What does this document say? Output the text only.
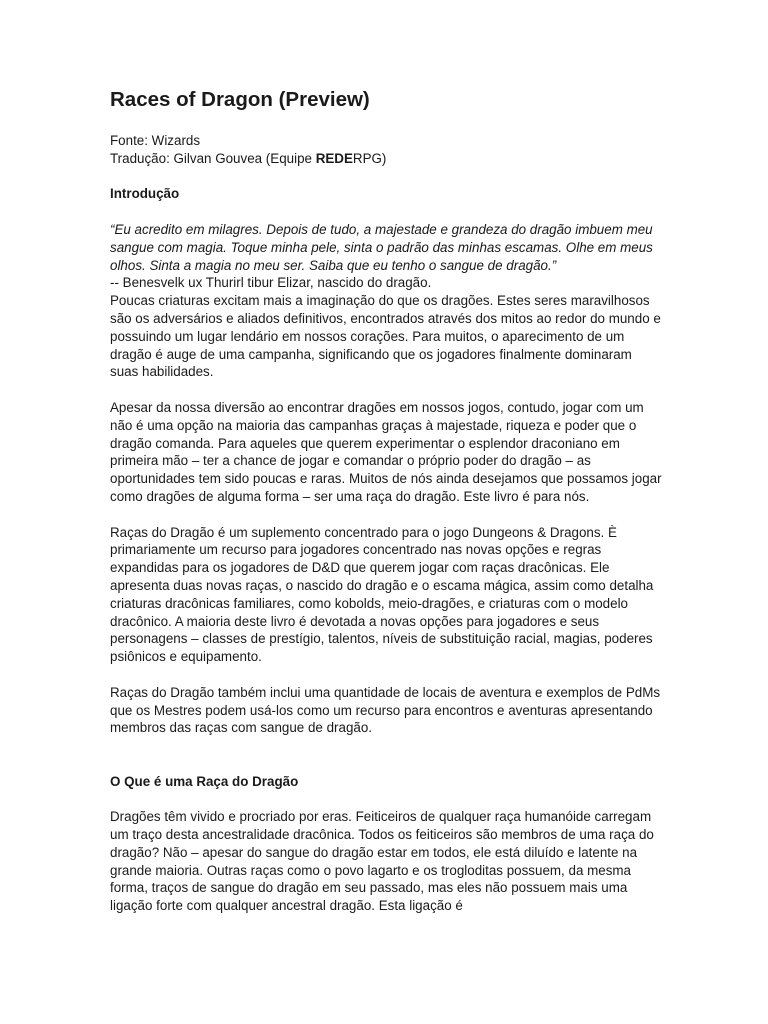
Races of Dragon (Preview)

Fonte: Wizards

Tradução: Gilvan Gouvea (Equipe REDERPG)

Introdução

“Eu acredito em milagres. Depois de tudo, a majestade e grandeza do dragão imbuem meu sangue com magia. Toque minha pele, sinta o padrão das minhas escamas. Olhe em meus olhos. Sinta a magia no meu ser. Saiba que eu tenho o sangue de dragão.”

-- Benesvelk ux Thurirl tibur Elizar, nascido do dragão.

Poucas criaturas excitam mais a imaginação do que os dragões. Estes seres maravilhosos são os adversários e aliados definitivos, encontrados através dos mitos ao redor do mundo e possuindo um lugar lendário em nossos corações. Para muitos, o aparecimento de um dragão é auge de uma campanha, significando que os jogadores finalmente dominaram suas habilidades.

Apesar da nossa diversão ao encontrar dragões em nossos jogos, contudo, jogar com um não é uma opção na maioria das campanhas graças à majestade, riqueza e poder que o dragão comanda. Para aqueles que querem experimentar o esplendor draconiano em primeira mão – ter a chance de jogar e comandar o próprio poder do dragão – as oportunidades tem sido poucas e raras. Muitos de nós ainda desejamos que possamos jogar como dragões de alguma forma – ser uma raça do dragão. Este livro é para nós.

Raças do Dragão é um suplemento concentrado para o jogo Dungeons & Dragons. È primariamente um recurso para jogadores concentrado nas novas opções e regras expandidas para os jogadores de D&D que querem jogar com raças dracônicas. Ele apresenta duas novas raças, o nascido do dragão e o escama mágica, assim como detalha criaturas dracônicas familiares, como kobolds, meio-dragões, e criaturas com o modelo dracônico. A maioria deste livro é devotada a novas opções para jogadores e seus personagens – classes de prestígio, talentos, níveis de substituição racial, magias, poderes psiônicos e equipamento.

Raças do Dragão também inclui uma quantidade de locais de aventura e exemplos de PdMs que os Mestres podem usá-los como um recurso para encontros e aventuras apresentando membros das raças com sangue de dragão.

O Que é uma Raça do Dragão

Dragões têm vivido e procriado por eras. Feiticeiros de qualquer raça humanóide carregam um traço desta ancestralidade dracônica. Todos os feiticeiros são membros de uma raça do dragão? Não – apesar do sangue do dragão estar em todos, ele está diluído e latente na grande maioria. Outras raças como o povo lagarto e os trogloditas possuem, da mesma forma, traços de sangue do dragão em seu passado, mas eles não possuem mais uma ligação forte com qualquer ancestral dragão. Esta ligação é
